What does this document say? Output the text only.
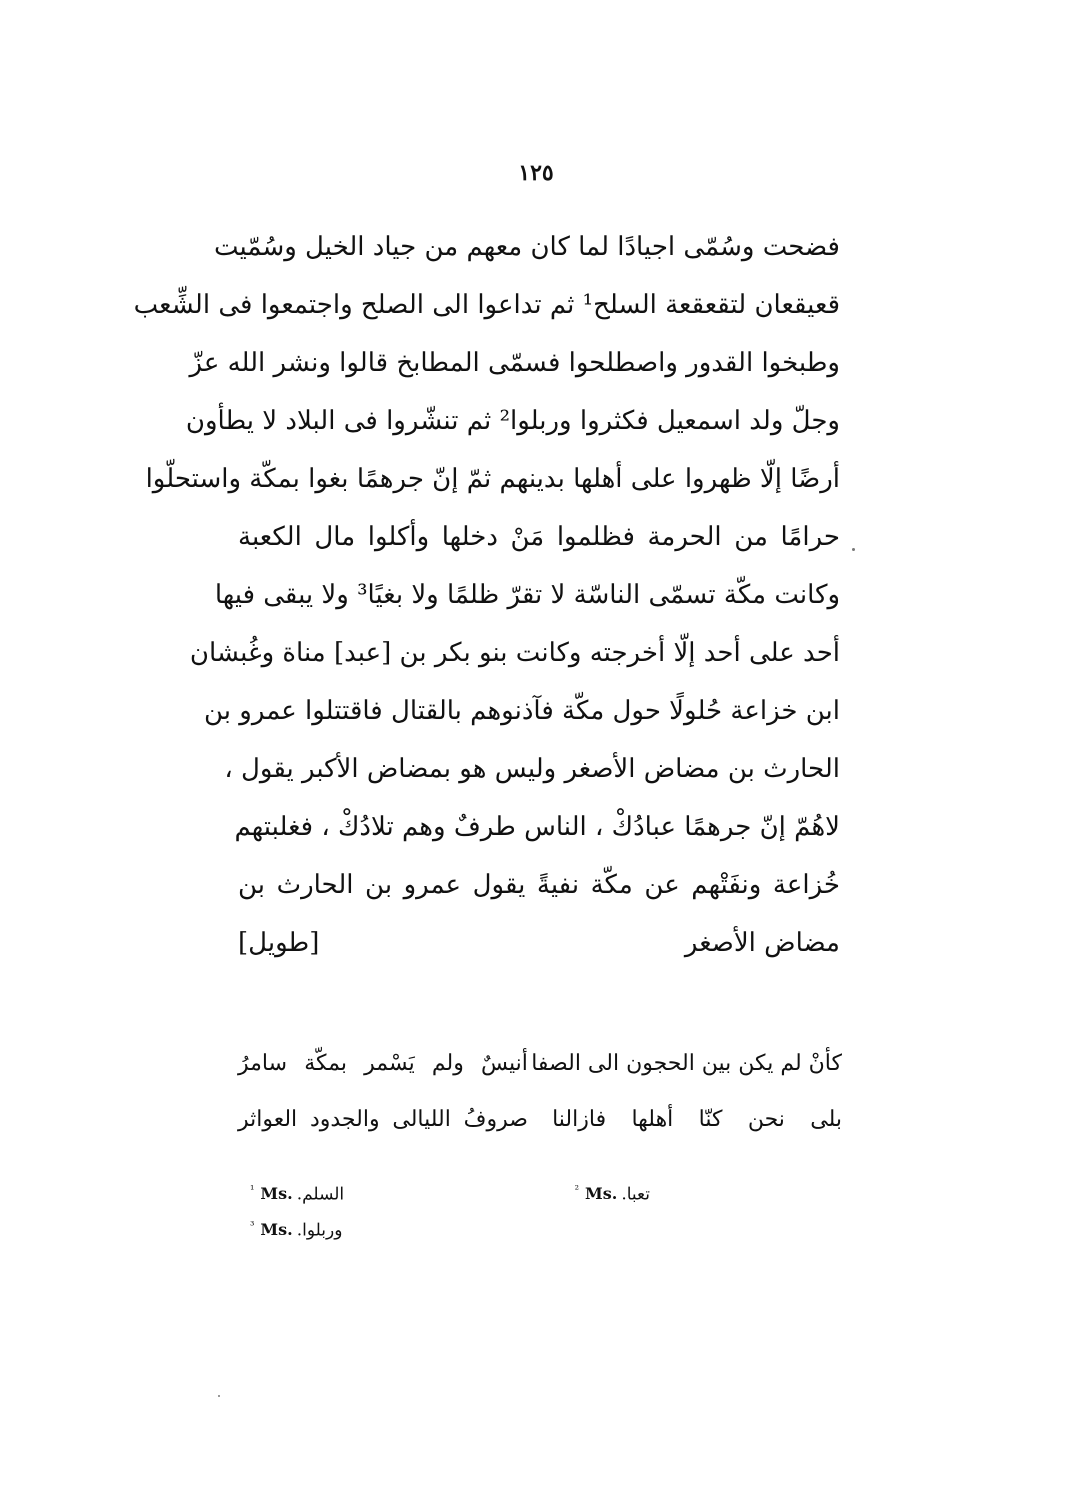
١٢٥
فضحت وسُمّى اجيادًا لما كان معهم من جياد الخيل وسُمّيت
قعيقعان لتقعقعة السلح¹ ثم تداعوا الى الصلح واجتمعوا فى الشِّعب
وطبخوا القدور واصطلحوا فسمّى المطابخ قالوا ونشر الله عزّ
وجلّ ولد اسمعيل فكثروا وربلوا² ثم تنشّروا فى البلاد لا يطأون
أرضًا إلّا ظهروا على أهلها بدينهم ثمّ إنّ جرهمًا بغوا بمكّة واستحلّوا
حرامًا من الحرمة فظلموا مَنْ دخلها وأكلوا مال الكعبة
وكانت مكّة تسمّى الناسّة لا تقرّ ظلمًا ولا بغيًا³ ولا يبقى فيها
أحد على أحد إلّا أخرجته وكانت بنو بكر بن [عبد] مناة وغُبشان
ابن خزاعة حُلولًا حول مكّة فآذنوهم بالقتال فاقتتلوا عمرو بن
الحارث بن مضاض الأصغر وليس هو بمضاض الأكبر يقول ،
لاهُمّ إنّ جرهمًا عبادُكْ ، الناس طرفٌ وهم تلادُكْ ، فغلبتهم
خُزاعة ونفَتْهم عن مكّة نفيةً يقول عمرو بن الحارث بن
مضاض الأصغر
[طويل]
كأنْ لم يكن بين الحجون الى الصفا
أنيسٌ ولم يَسْمر بمكّة سامرُ
بلى نحن كنّا أهلها فازالنا
صروفُ الليالى والجدود العواثر
$^{^1}$ Ms. السلم.	$^{^2}$ Ms. تعبا.
$^{^3}$ Ms. وربلوا.
